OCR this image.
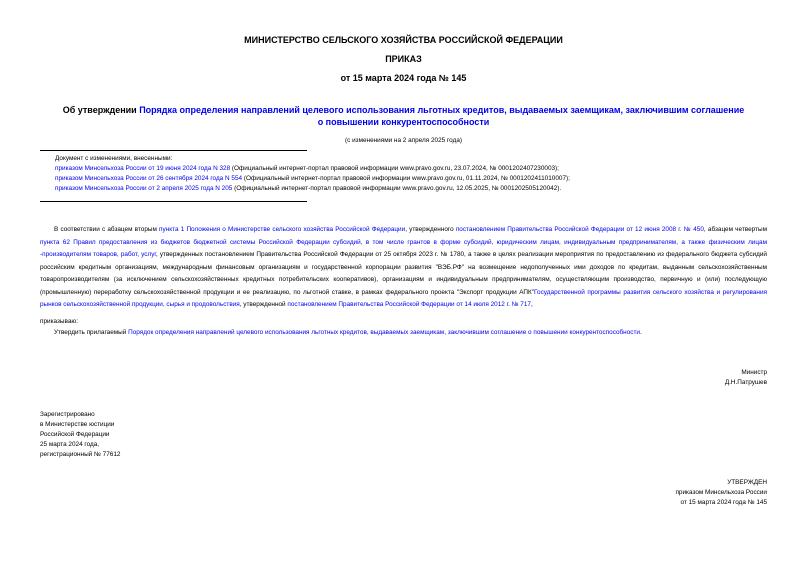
МИНИСТЕРСТВО СЕЛЬСКОГО ХОЗЯЙСТВА РОССИЙСКОЙ ФЕДЕРАЦИИ
ПРИКАЗ
от 15 марта 2024 года № 145
Об утверждении Порядка определения направлений целевого использования льготных кредитов, выдаваемых заемщикам, заключившим соглашение о повышении конкурентоспособности
(с изменениями на 2 апреля 2025 года)
Документ с изменениями, внесенными:
приказом Минсельхоза России от 19 июня 2024 года N 328 (Официальный интернет-портал правовой информации www.pravo.gov.ru, 23.07.2024, № 0001202407230003);
приказом Минсельхоза России от 26 сентября 2024 года N 554 (Официальный интернет-портал правовой информации www.pravo.gov.ru, 01.11.2024, № 0001202411010007);
приказом Минсельхоза России от 2 апреля 2025 года N 205 (Официальный интернет-портал правовой информации www.pravo.gov.ru, 12.05.2025, № 0001202505120042).
В соответствии с абзацем вторым пункта 1 Положения о Министерстве сельского хозяйства Российской Федерации, утвержденного постановлением Правительства Российской Федерации от 12 июня 2008 г. № 450, абзацем четвертым пункта 62 Правил предоставления из бюджетов бюджетной системы Российской Федерации субсидий, в том числе грантов в форме субсидий, юридическим лицам, индивидуальным предпринимателям, а также физическим лицам -производителям товаров, работ, услуг, утвержденных постановлением Правительства Российской Федерации от 25 октября 2023 г. № 1780, а также в целях реализации мероприятия по предоставлению из федерального бюджета субсидий российским кредитным организациям, международным финансовым организациям и государственной корпорации развития "ВЭБ.РФ" на возмещение недополученных ими доходов по кредитам, выданным сельскохозяйственным товаропроизводителям (за исключением сельскохозяйственных кредитных потребительских кооперативов), организациям и индивидуальным предпринимателям, осуществляющим производство, первичную и (или) последующую (промышленную) переработку сельскохозяйственной продукции и ее реализацию, по льготной ставке, в рамках федерального проекта "Экспорт продукции АПК"Государственной программы развития сельского хозяйства и регулирования рынков сельскохозяйственной продукции, сырья и продовольствия, утвержденной постановлением Правительства Российской Федерации от 14 июля 2012 г. № 717,
приказываю:
Утвердить прилагаемый Порядок определения направлений целевого использования льготных кредитов, выдаваемых заемщикам, заключившим соглашение о повышении конкурентоспособности.
Министр
Д.Н.Патрушев
Зарегистрировано
в Министерстве юстиции
Российской Федерации
25 марта 2024 года,
регистрационный № 77612
УТВЕРЖДЕН
приказом Минсельхоза России
от 15 марта 2024 года № 145
